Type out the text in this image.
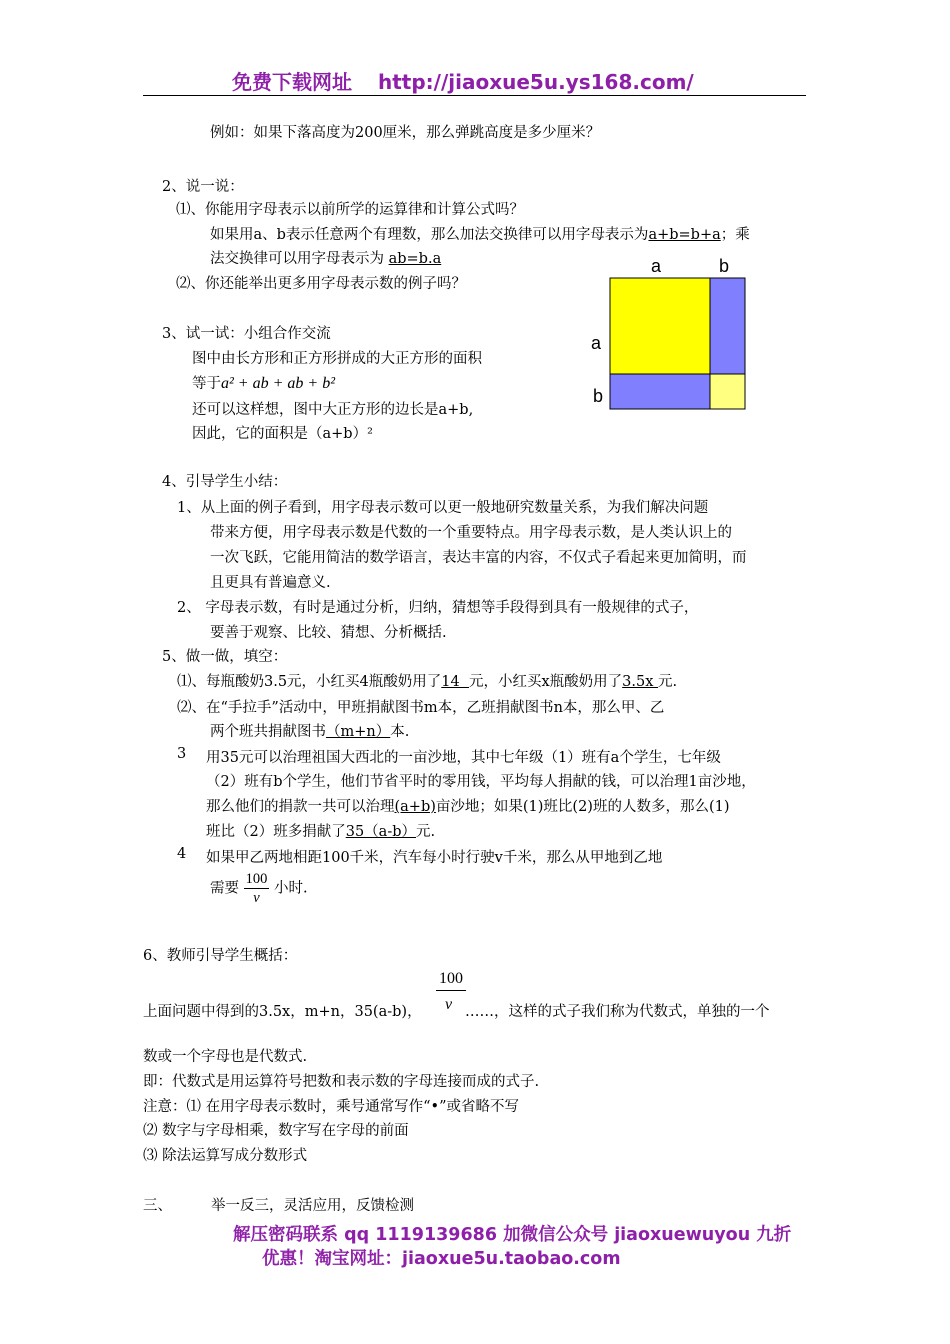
免费下载网址 http://jiaoxue5u.ys168.com/
例如：如果下落高度为200厘米，那么弹跳高度是多少厘米？
2、说一说：
⑴、你能用字母表示以前所学的运算律和计算公式吗？
如果用a、b表示任意两个有理数，那么加法交换律可以用字母表示为a+b=b+a；乘
法交换律可以用字母表示为 ab=b.a
⑵、你还能举出更多用字母表示数的例子吗？
3、试一试：小组合作交流
图中由长方形和正方形拼成的大正方形的面积
等于a² + ab + ab + b²
还可以这样想，图中大正方形的边长是a+b,
因此，它的面积是（a+b）²
a	b
a
b
4、引导学生小结：
1、从上面的例子看到，用字母表示数可以更一般地研究数量关系，为我们解决问题
带来方便，用字母表示数是代数的一个重要特点。用字母表示数，是人类认识上的
一次飞跃，它能用简洁的数学语言，表达丰富的内容，不仅式子看起来更加简明，而
且更具有普遍意义.
2、 字母表示数，有时是通过分析，归纳，猜想等手段得到具有一般规律的式子，
要善于观察、比较、猜想、分析概括.
5、做一做，填空：
⑴、每瓶酸奶3.5元，小红买4瓶酸奶用了14  元，小红买x瓶酸奶用了3.5x 元.
⑵、在“手拉手”活动中，甲班捐献图书m本，乙班捐献图书n本，那么甲、乙
两个班共捐献图书（m+n）本.
3 用35元可以治理祖国大西北的一亩沙地，其中七年级（1）班有a个学生，七年级
（2）班有b个学生，他们节省平时的零用钱，平均每人捐献的钱，可以治理1亩沙地，
那么他们的捐款一共可以治理(a+b)亩沙地；如果(1)班比(2)班的人数多，那么(1)
班比（2）班多捐献了35（a-b）元.
4 如果甲乙两地相距100千米，汽车每小时行驶v千米，那么从甲地到乙地
需要 $\frac{100}{v}$ 小时.
6、教师引导学生概括：
100
v
上面问题中得到的3.5x，m+n，35(a-b)，	……，这样的式子我们称为代数式，单独的一个
数或一个字母也是代数式.
即：代数式是用运算符号把数和表示数的字母连接而成的式子.
注意：⑴ 在用字母表示数时，乘号通常写作“•”或省略不写
⑵ 数字与字母相乘，数字写在字母的前面
⑶ 除法运算写成分数形式
三、	举一反三，灵活应用，反馈检测
解压密码联系 qq 1119139686 加微信公众号 jiaoxuewuyou 九折
优惠！淘宝网址：jiaoxue5u.taobao.com
